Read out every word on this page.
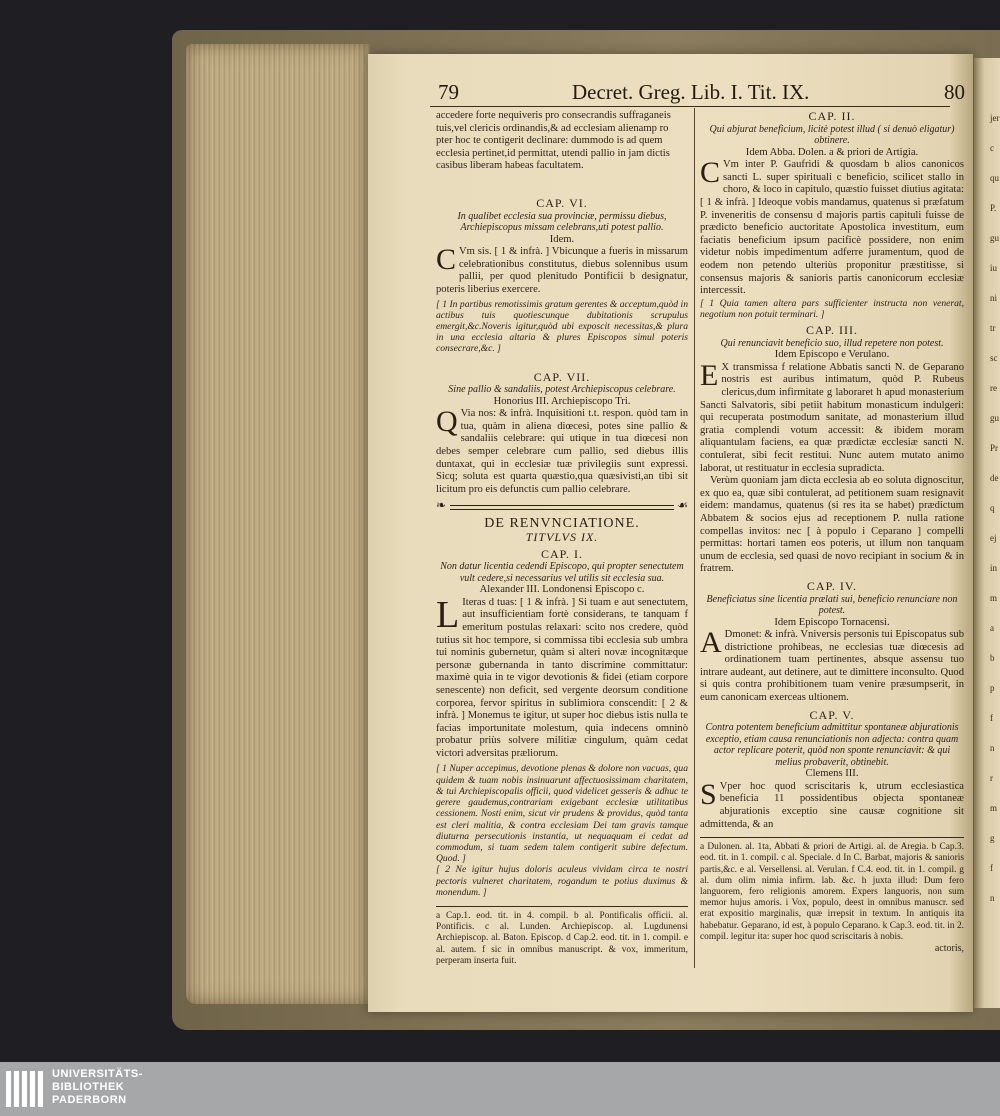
79	Decret. Greg. Lib. I. Tit. IX.	80
accedere forte nequiveris pro consecrandis suffraganeis
tuis,vel clericis ordinandis,& ad ecclesiam alienamp ro
pter hoc te contigerit declinare: dummodo is ad quem
ecclesia pertinet,id permittat, utendi pallio in jam dictis
casibus liberam habeas facultatem.
CAP. VI.
In qualibet ecclesia sua provinciæ, permissu diebus, Archiepiscopus missam celebrans,uti potest pallio.
Idem.
C Vm sis. [ 1 & infrà. ] Vbicunque a fueris in missarum celebrationibus constitutus, diebus solennibus usum pallii, per quod plenitudo Pontificii b designatur, poteris liberius exercere.
[ 1 In partibus remotissimis gratum gerentes & acceptum,quòd in actibus tuis quotiescunque dubitationis scrupulus emergit,&c.Noveris igitur,quòd ubi exposcit necessitas,& plura in una ecclesia altaria & plures Episcopos simul poteris consecrare,&c. ]
CAP. VII.
Sine pallio & sandaliis, potest Archiepiscopus celebrare.
Honorius III. Archiepiscopo Tri.
Q Via nos: & infrà. Inquisitioni t.t. respon. quòd tam in tua, quàm in aliena diœcesi, potes sine pallio & sandaliis celebrare: qui utique in tua diœcesi non debes semper celebrare cum pallio, sed diebus illis duntaxat, qui in ecclesiæ tuæ privilegiis sunt expressi. Sicq; soluta est quarta quæstio,qua quæsivisti,an tibi sit licitum pro eis defunctis cum pallio celebrare.
❧	☙
DE RENVNCIATIONE.
TITVLVS IX.
CAP. I.
Non datur licentia cedendi Episcopo, qui propter senectutem vult cedere,si necessarius vel utilis sit ecclesia sua.
Alexander III. Londonensi Episcopo c.
L Iteras d tuas: [ 1 & infrà. ] Si tuam e aut senectutem, aut insufficientiam fortè considerans, te tanquam f emeritum postulas relaxari: scito nos credere, quòd tutius sit hoc tempore, si commissa tibi ecclesia sub umbra tui nominis gubernetur, quàm si alteri novæ incognitæque personæ gubernanda in tanto discrimine committatur: maximè quia in te vigor devotionis & fidei (etiam corpore senescente) non deficit, sed vergente deorsum conditione corporea, fervor spiritus in sublimiora conscendit: [ 2 & infrà. ] Monemus te igitur, ut super hoc diebus istis nulla te facias importunitate molestum, quia indecens omninò probatur priùs solvere militiæ cingulum, quàm cedat victori adversitas præliorum.
[ 1 Nuper accepimus, devotione plenas & dolore non vacuas, qua quidem & tuam nobis insinuarunt affectuosissimam charitatem, & tui Archiepiscopalis officii, quod videlicet gesseris & adhuc te gerere gaudemus,contrariam exigebant ecclesiæ utilitatibus cessionem. Nosti enim, sicut vir prudens & providus, quòd tanta est cleri malitia, & contra ecclesiam Dei tam gravis tamque diuturna persecutionis instantia, ut nequaquam ei cedat ad commodum, si tuam sedem talem contigerit subire defectum. Quod. ]
[ 2 Ne igitur hujus doloris aculeus vividam circa te nostri pectoris vulneret charitatem, rogandum te potius duximus & monendum. ]
a Cap.1. eod. tit. in 4. compil. b al. Pontificalis officii. al. Pontificis. c al. Lunden. Archiepiscop. al. Lugdunensi Archiepiscop. al. Baton. Episcop. d Cap.2. eod. tit. in 1. compil. e al. autem. f sic in omnibus manuscript. & vox, immeritum, perperam inserta fuit.
CAP. II.
Qui abjurat beneficium, licitè potest illud ( si denuò eligatur) obtinere.
Idem Abba. Dolen. a & priori de Artigia.
C Vm inter P. Gaufridi & quosdam b alios canonicos sancti L. super spirituali c beneficio, scilicet stallo in choro, & loco in capitulo, quæstio fuisset diutius agitata: [ 1 & infrà. ] Ideoque vobis mandamus, quatenus si præfatum P. inveneritis de consensu d majoris partis capituli fuisse de prædicto beneficio auctoritate Apostolica investitum, eum faciatis beneficium ipsum pacificè possidere, non enim videtur nobis impedimentum adferre juramentum, quod de eodem non petendo ulteriùs proponitur præstitisse, si consensus majoris & sanioris partis canonicorum ecclesiæ intercessit.
[ 1 Quia tamen altera pars sufficienter instructa non venerat, negotium non potuit terminari. ]
CAP. III.
Qui renunciavit beneficio suo, illud repetere non potest.
Idem Episcopo e Verulano.
E X transmissa f relatione Abbatis sancti N. de Geparano nostris est auribus intimatum, quòd P. Rubeus clericus,dum infirmitate g laboraret h apud monasterium Sancti Salvatoris, sibi petiit habitum monasticum indulgeri: qui recuperata postmodum sanitate, ad monasterium illud gratia complendi votum accessit: & ibidem moram aliquantulam faciens, ea quæ prædictæ ecclesiæ sancti N. contulerat, sibi fecit restitui. Nunc autem mutato animo laborat, ut restituatur in ecclesia supradicta.
Verùm quoniam jam dicta ecclesia ab eo soluta dignoscitur, ex quo ea, quæ sibi contulerat, ad petitionem suam resignavit eidem: mandamus, quatenus (si res ita se habet) prædictum Abbatem & socios ejus ad receptionem P. nulla ratione compellas invitos: nec [ à populo i Ceparano ] compelli permittas: hortari tamen eos poteris, ut illum non tanquam unum de ecclesia, sed quasi de novo recipiant in socium & in fratrem.
CAP. IV.
Beneficiatus sine licentia prælati sui, beneficio renunciare non potest.
Idem Episcopo Tornacensi.
A Dmonet: & infrà. Vniversis personis tui Episcopatus sub districtione prohibeas, ne ecclesias tuæ diœcesis ad ordinationem tuam pertinentes, absque assensu tuo intrare audeant, aut detinere, aut te dimittere inconsulto. Quod si quis contra prohibitionem tuam venire præsumpserit, in eum canonicam exerceas ultionem.
CAP. V.
Contra potentem beneficium admittitur spontaneæ abjurationis exceptio, etiam causa renunciationis non adjecta: contra quam actor replicare poterit, quòd non sponte renunciavit: & qui melius probaverit, obtinebit.
Clemens III.
S Vper hoc quod scriscitaris k, utrum ecclesiastica beneficia 11 possidentibus objecta spontaneæ abjurationis exceptio sine causæ cognitione sit admittenda, & an
a Dulonen. al. 1ta, Abbati & priori de Artigi. al. de Aregia. b Cap.3. eod. tit. in 1. compil. c al. Speciale. d In C. Barbat, majoris & sanioris partis,&c. e al. Versellensi. al. Verulan. f C.4. eod. tit. in 1. compil. g al. dum olim nimia infirm. lab. &c. h juxta illud: Dum fero languorem, fero religionis amorem. Expers languoris, non sum memor hujus amoris. i Vox, populo, deest in omnibus manuscr. sed erat expositio marginalis, quæ irrepsit in textum. In antiquis ita habebatur. Geparano, id est, à populo Ceparano. k Cap.3. eod. tit. in 2. compil. legitur ita: super hoc quod scriscitaris à nobis.
actoris,
jer
c
qu
P.
gu
iu
ni
tr
sc
re
gu
Pr
de
q
ej
in
m
a
b
p
f
n
r
m
g
f
n
UNIVERSITÄTS-
BIBLIOTHEK
PADERBORN
